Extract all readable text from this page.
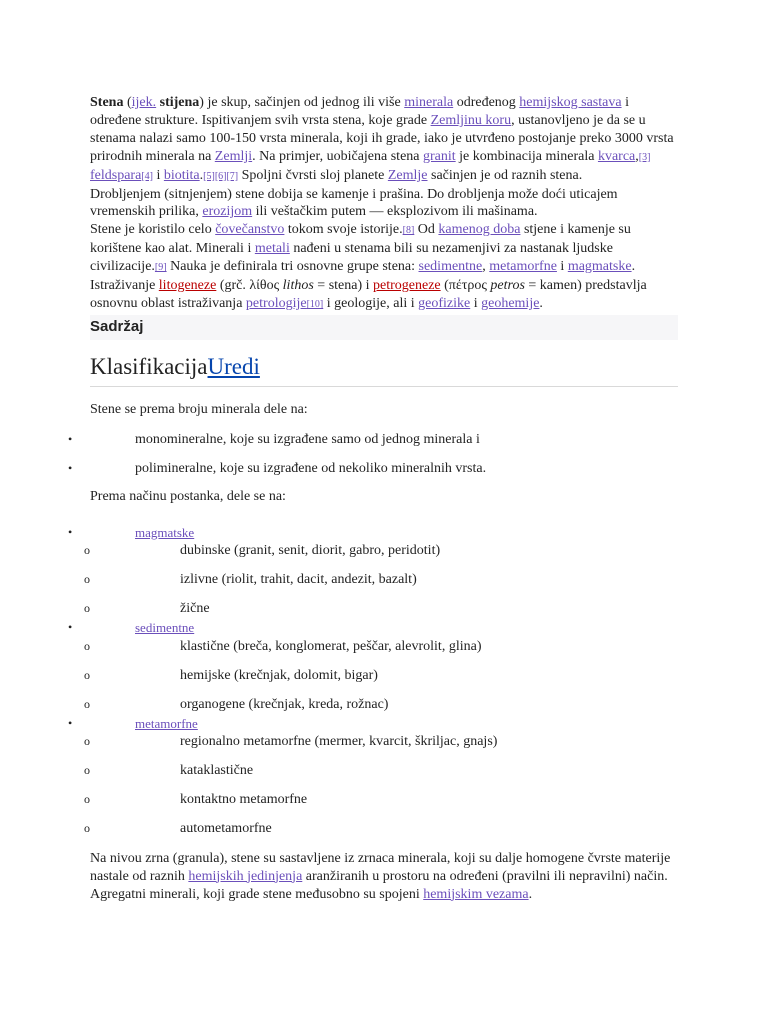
Stena (ijek. stijena) je skup, sačinjen od jednog ili više minerala određenog hemijskog sastava i određene strukture. Ispitivanjem svih vrsta stena, koje grade Zemljinu koru, ustanovljeno je da se u stenama nalazi samo 100-150 vrsta minerala, koji ih grade, iako je utvrđeno postojanje preko 3000 vrsta prirodnih minerala na Zemlji. Na primjer, uobičajena stena granit je kombinacija minerala kvarca,[3] feldspara[4] i biotita.[5][6][7] Spoljni čvrsti sloj planete Zemlje sačinjen je od raznih stena.

Drobljenjem (sitnjenjem) stene dobija se kamenje i prašina. Do drobljenja može doći uticajem vremenskih prilika, erozijom ili veštačkim putem — eksplozivom ili mašinama.

Stene je koristilo celo čovečanstvo tokom svoje istorije.[8] Od kamenog doba stjene i kamenje su korištene kao alat. Minerali i metali nađeni u stenama bili su nezamenjivi za nastanak ljudske civilizacije.[9] Nauka je definirala tri osnovne grupe stena: sedimentne, metamorfne i magmatske. Istraživanje litogeneze (grč. λίθος lithos = stena) i petrogeneze (πέτρος petros = kamen) predstavlja osnovnu oblast istraživanja petrologije[10] i geologije, ali i geofizike i geohemije.

Sadržaj
KlasifikacijaUredi

Stene se prema broju minerala dele na:

•	monomineralne, koje su izgrađene samo od jednog minerala i
•	polimineralne, koje su izgrađene od nekoliko mineralnih vrsta.

Prema načinu postanka, dele se na:

•	magmatske
o	dubinske (granit, senit, diorit, gabro, peridotit)
o	izlivne (riolit, trahit, dacit, andezit, bazalt)
o	žične
•	sedimentne
o	klastične (breča, konglomerat, peščar, alevrolit, glina)
o	hemijske (krečnjak, dolomit, bigar)
o	organogene (krečnjak, kreda, rožnac)
•	metamorfne
o	regionalno metamorfne (mermer, kvarcit, škriljac, gnajs)
o	kataklastične
o	kontaktno metamorfne
o	autometamorfne

Na nivou zrna (granula), stene su sastavljene iz zrnaca minerala, koji su dalje homogene čvrste materije nastale od raznih hemijskih jedinjenja aranžiranih u prostoru na određeni (pravilni ili nepravilni) način. Agregatni minerali, koji grade stene međusobno su spojeni hemijskim vezama.
